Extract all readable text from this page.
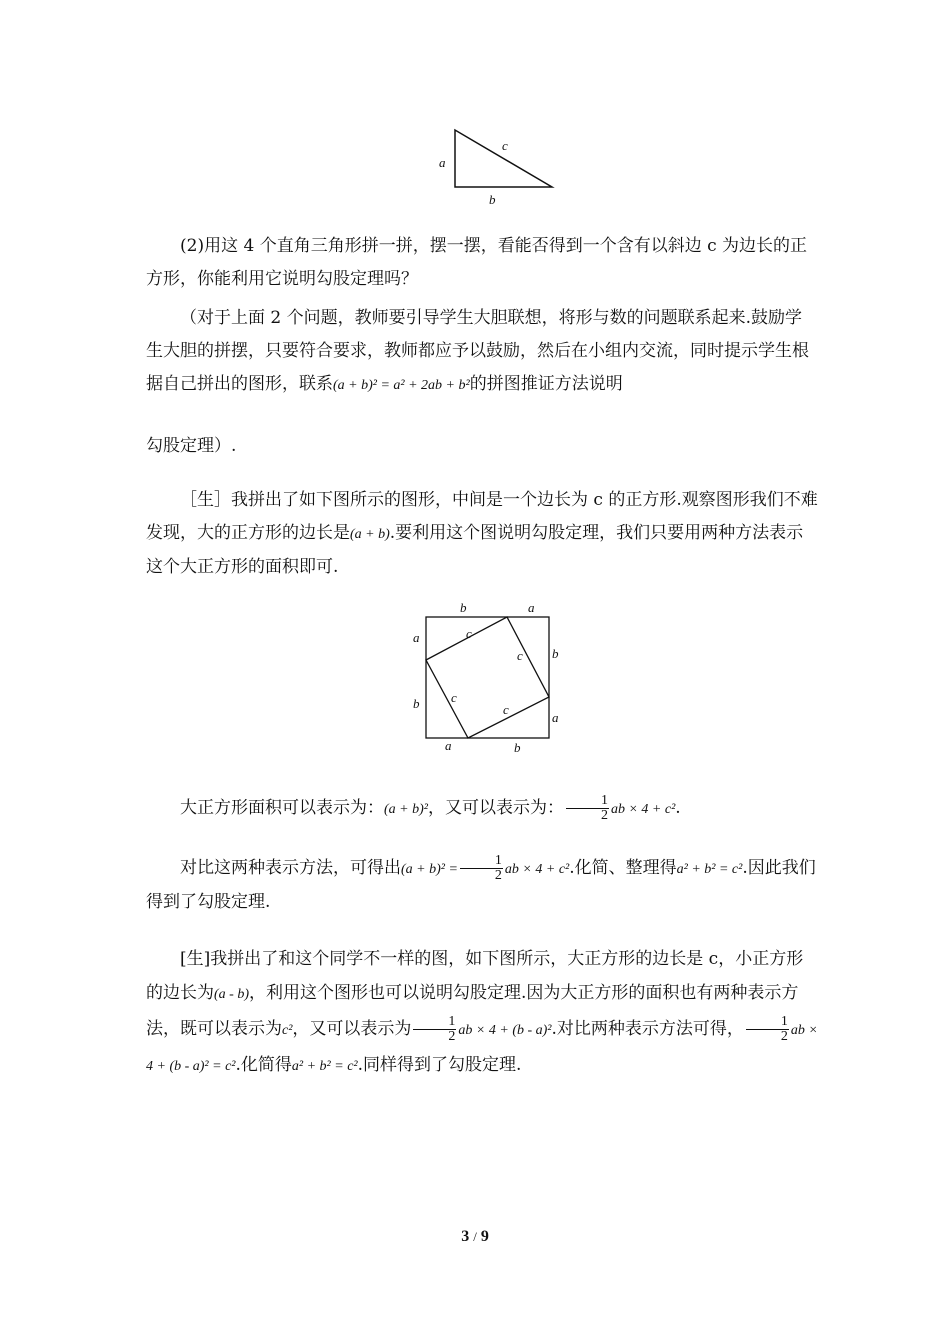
a
c
b
(2)用这 4 个直角三角形拼一拼，摆一摆，看能否得到一个含有以斜边 c 为边长的正方形，你能利用它说明勾股定理吗？
（对于上面 2 个问题，教师要引导学生大胆联想，将形与数的问题联系起来.鼓励学生大胆的拼摆，只要符合要求，教师都应予以鼓励，然后在小组内交流，同时提示学生根据自己拼出的图形，联系(a + b)² = a² + 2ab + b²的拼图推证方法说明
勾股定理）.
［生］我拼出了如下图所示的图形，中间是一个边长为 c 的正方形.观察图形我们不难发现，大的正方形的边长是(a + b).要利用这个图说明勾股定理，我们只要用两种方法表示这个大正方形的面积即可.
b	a
a
b
b
a
a	b
c
c
c
c
大正方形面积可以表示为：(a + b)²，又可以表示为： $\frac{1}{2}$ ab × 4 + c².
对比这两种表示方法，可得出$(a + b)^2 = \frac{1}{2}$ ab × 4 + c².化简、整理得a² + b² = c².因此我们得到了勾股定理.
[生]我拼出了和这个同学不一样的图，如下图所示，大正方形的边长是 c，小正方形的边长为(a - b)，利用这个图形也可以说明勾股定理.因为大正方形的面积也有两种表示方法，既可以表示为c²，又可以表示为 $\frac{1}{2}$ ab × 4 + (b - a)².对比两种表示方法可得， $\frac{1}{2}$ ab × 4 + (b - a)² = c².化简得a² + b² = c².同样得到了勾股定理.
3 / 9
